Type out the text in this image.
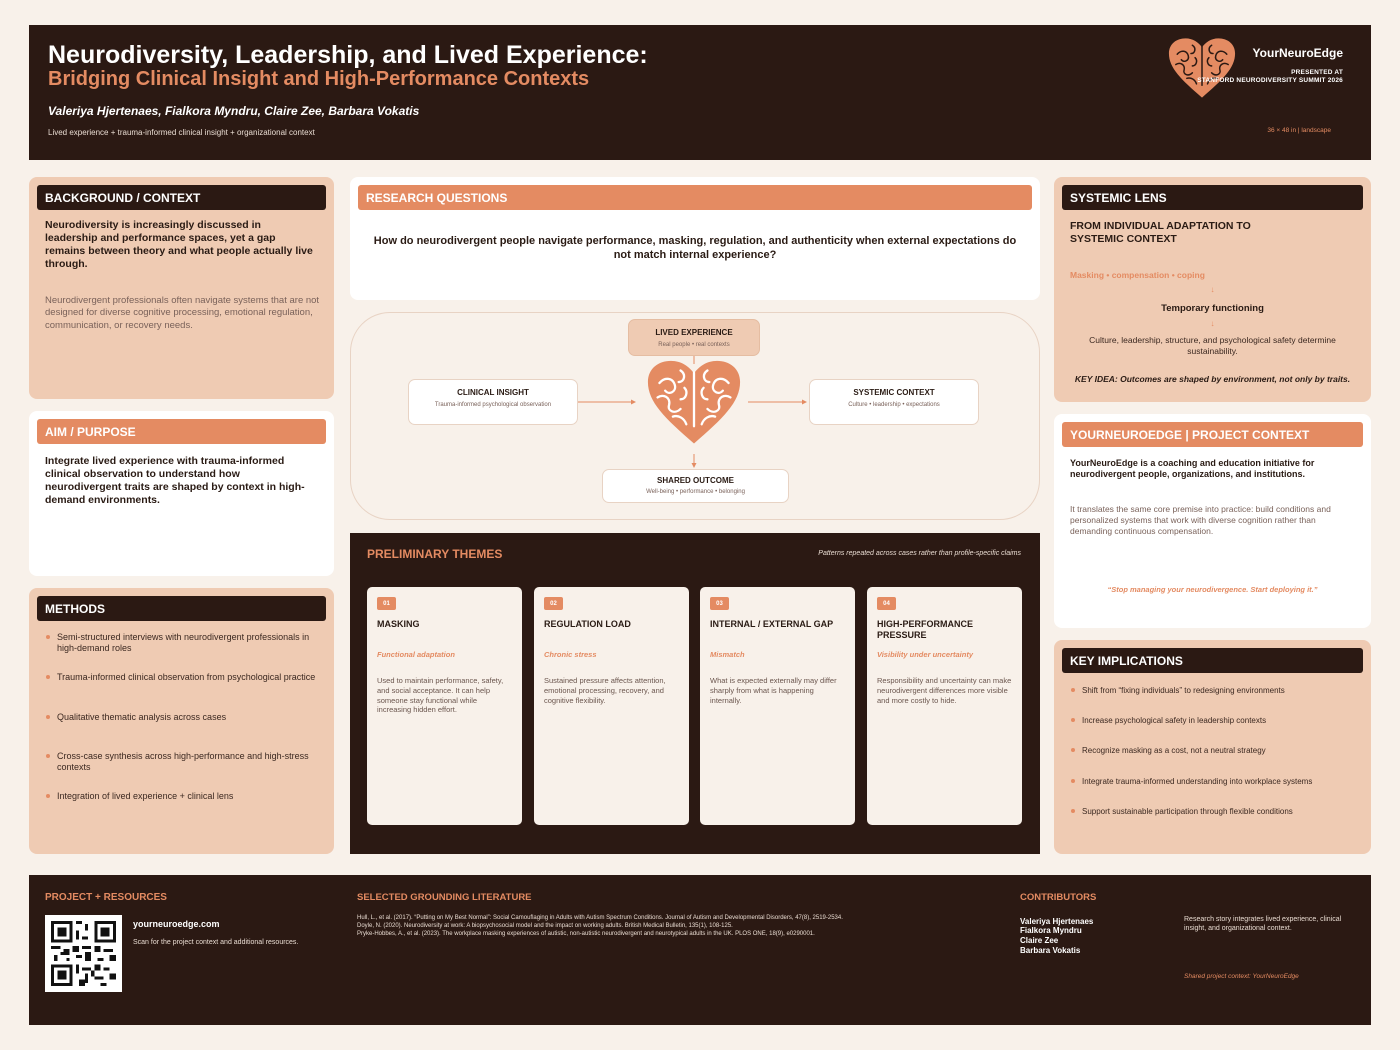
Neurodiversity, Leadership, and Lived Experience:
Bridging Clinical Insight and High-Performance Contexts
Valeriya Hjertenaes, Fialkora Myndru, Claire Zee, Barbara Vokatis
Lived experience + trauma-informed clinical insight + organizational context
YourNeuroEdge
PRESENTED AT
STANFORD NEURODIVERSITY SUMMIT 2026
36 × 48 in | landscape
BACKGROUND / CONTEXT
Neurodiversity is increasingly discussed in leadership and performance spaces, yet a gap remains between theory and what people actually live through.
Neurodivergent professionals often navigate systems that are not designed for diverse cognitive processing, emotional regulation, communication, or recovery needs.
AIM / PURPOSE
Integrate lived experience with trauma-informed clinical observation to understand how neurodivergent traits are shaped by context in high-demand environments.
METHODS
Semi-structured interviews with neurodivergent professionals in high-demand roles
Trauma-informed clinical observation from psychological practice
Qualitative thematic analysis across cases
Cross-case synthesis across high-performance and high-stress contexts
Integration of lived experience + clinical lens
RESEARCH QUESTIONS
How do neurodivergent people navigate performance, masking, regulation, and authenticity when external expectations do not match internal experience?
LIVED EXPERIENCE
Real people • real contexts
CLINICAL INSIGHT
Trauma-informed psychological observation
SYSTEMIC CONTEXT
Culture • leadership • expectations
SHARED OUTCOME
Well-being • performance • belonging
PRELIMINARY THEMES	Patterns repeated across cases rather than profile-specific claims
01
MASKING
Functional adaptation
Used to maintain performance, safety, and social acceptance. It can help someone stay functional while increasing hidden effort.
02
REGULATION LOAD
Chronic stress
Sustained pressure affects attention, emotional processing, recovery, and cognitive flexibility.
03
INTERNAL / EXTERNAL GAP
Mismatch
What is expected externally may differ sharply from what is happening internally.
04
HIGH-PERFORMANCE PRESSURE
Visibility under uncertainty
Responsibility and uncertainty can make neurodivergent differences more visible and more costly to hide.
SYSTEMIC LENS
FROM INDIVIDUAL ADAPTATION TO SYSTEMIC CONTEXT
Masking • compensation • coping
↓
Temporary functioning
↓
Culture, leadership, structure, and psychological safety determine sustainability.
KEY IDEA: Outcomes are shaped by environment, not only by traits.
YOURNEUROEDGE | PROJECT CONTEXT
YourNeuroEdge is a coaching and education initiative for neurodivergent people, organizations, and institutions.
It translates the same core premise into practice: build conditions and personalized systems that work with diverse cognition rather than demanding continuous compensation.
“Stop managing your neurodivergence. Start deploying it.”
KEY IMPLICATIONS
Shift from “fixing individuals” to redesigning environments
Increase psychological safety in leadership contexts
Recognize masking as a cost, not a neutral strategy
Integrate trauma-informed understanding into workplace systems
Support sustainable participation through flexible conditions
PROJECT + RESOURCES
yourneuroedge.com
Scan for the project context and additional resources.
SELECTED GROUNDING LITERATURE
Hull, L., et al. (2017). “Putting on My Best Normal”: Social Camouflaging in Adults with Autism Spectrum Conditions. Journal of Autism and Developmental Disorders, 47(8), 2519-2534.
Doyle, N. (2020). Neurodiversity at work: A biopsychosocial model and the impact on working adults. British Medical Bulletin, 135(1), 108-125.
Pryke-Hobbes, A., et al. (2023). The workplace masking experiences of autistic, non-autistic neurodivergent and neurotypical adults in the UK. PLOS ONE, 18(9), e0290001.
CONTRIBUTORS
Valeriya Hjertenaes
Fialkora Myndru
Claire Zee
Barbara Vokatis
Research story integrates lived experience, clinical insight, and organizational context.
Shared project context: YourNeuroEdge
